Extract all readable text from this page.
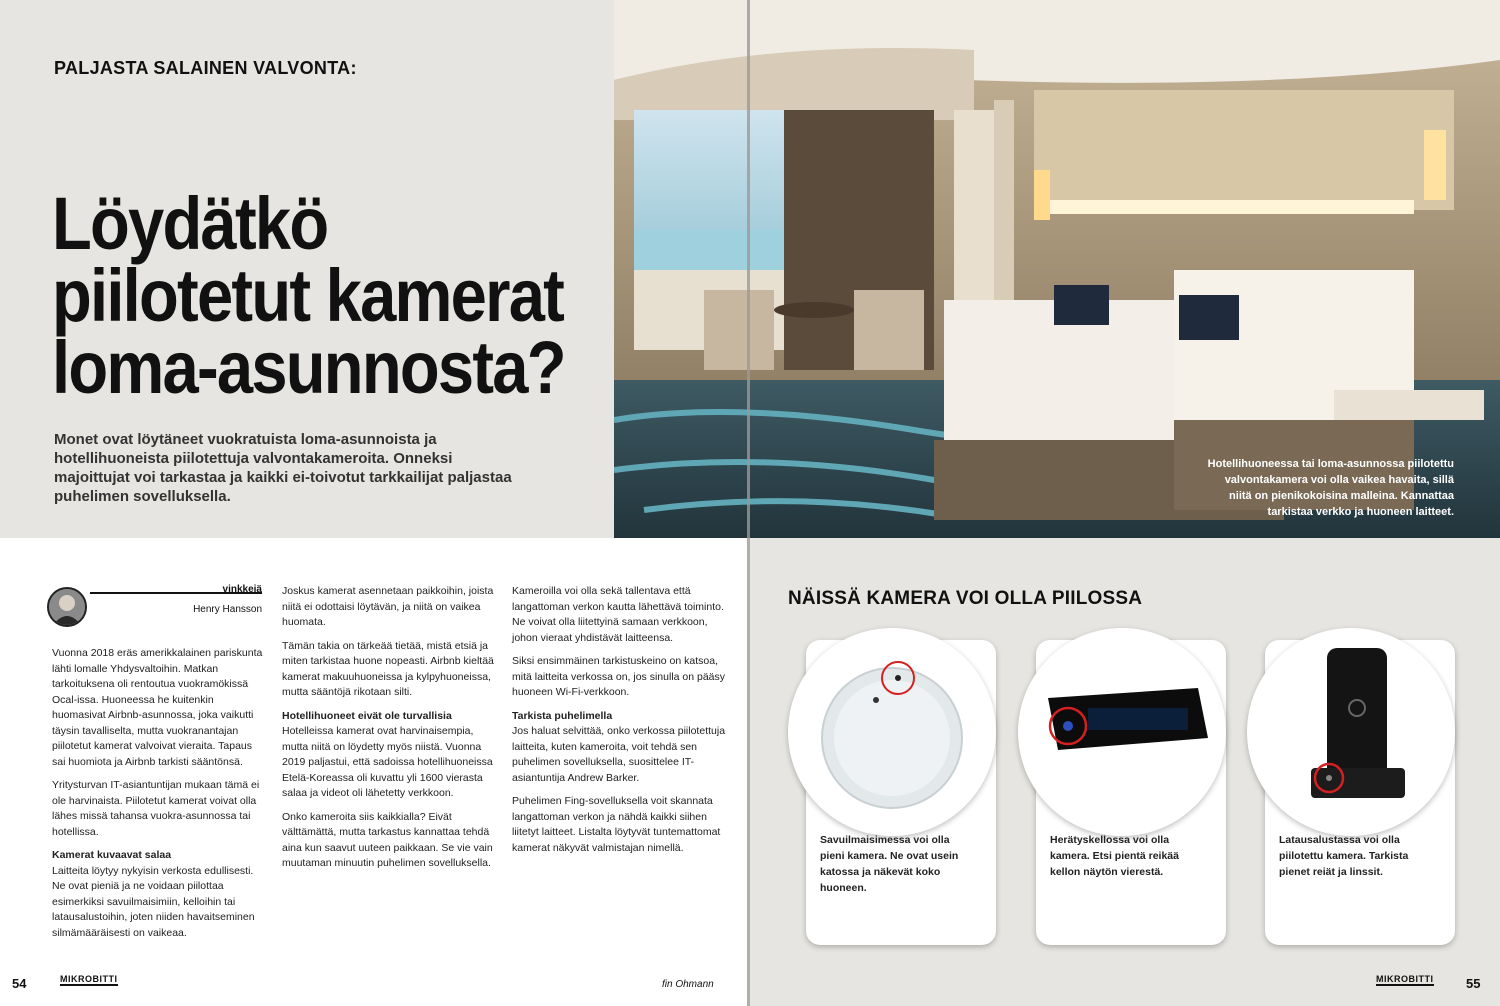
Hotellihuoneessa tai loma-asunnossa piilotettu valvontakamera voi olla vaikea havaita, sillä niitä on pienikokoisina malleina. Kannattaa tarkistaa verkko ja huoneen laitteet.
PALJASTA SALAINEN VALVONTA:
Löydätkö
piilotetut kamerat
loma-asunnosta?
Monet ovat löytäneet vuokratuista loma-asunnoista ja hotellihuoneista piilotettuja valvontakameroita. Onneksi majoittujat voi tarkastaa ja kaikki ei-toivotut tarkkailijat paljastaa puhelimen sovelluksella.
vinkkejä
Henry Hansson

Vuonna 2018 eräs amerikkalainen pariskunta lähti lomalle Yhdysvaltoihin. Matkan tarkoituksena oli rentoutua vuokramökissä Ocal-issa. Huoneessa he kuitenkin huomasivat Airbnb-asunnossa, joka vaikutti täysin tavalliselta, mutta vuokranantajan piilotetut kamerat valvoivat vieraita. Tapaus sai huomiota ja Airbnb tarkisti sääntönsä.

Yritysturvan IT-asiantuntijan mukaan tämä ei ole harvinaista. Piilotetut kamerat voivat olla lähes missä tahansa vuokra-asunnossa tai hotellissa.

Kamerat kuvaavat salaa

Laitteita löytyy nykyisin verkosta edullisesti. Ne ovat pieniä ja ne voidaan piilottaa esimerkiksi savuilmaisimiin, kelloihin tai latausalustoihin, joten niiden havaitseminen silmämääräisesti on vaikeaa.

Joskus kamerat asennetaan paikkoihin, joista niitä ei odottaisi löytävän, ja niitä on vaikea huomata.

Tämän takia on tärkeää tietää, mistä etsiä ja miten tarkistaa huone nopeasti. Airbnb kieltää kamerat makuuhuoneissa ja kylpyhuoneissa, mutta sääntöjä rikotaan silti.

Hotellihuoneet eivät ole turvallisia

Hotelleissa kamerat ovat harvinaisempia, mutta niitä on löydetty myös niistä. Vuonna 2019 paljastui, että sadoissa hotellihuoneissa Etelä-Koreassa oli kuvattu yli 1600 vierasta salaa ja videot oli lähetetty verkkoon.

Onko kameroita siis kaikkialla? Eivät välttämättä, mutta tarkastus kannattaa tehdä aina kun saavut uuteen paikkaan. Se vie vain muutaman minuutin puhelimen sovelluksella.

Kameroilla voi olla sekä tallentava että langattoman verkon kautta lähettävä toiminto. Ne voivat olla liitettyinä samaan verkkoon, johon vieraat yhdistävät laitteensa.

Siksi ensimmäinen tarkistuskeino on katsoa, mitä laitteita verkossa on, jos sinulla on pääsy huoneen Wi-Fi-verkkoon.

Tarkista puhelimella

Jos haluat selvittää, onko verkossa piilotettuja laitteita, kuten kameroita, voit tehdä sen puhelimen sovelluksella, suosittelee IT-asiantuntija Andrew Barker.

Puhelimen Fing-sovelluksella voit skannata langattoman verkon ja nähdä kaikki siihen liitetyt laitteet. Listalta löytyvät tuntemattomat kamerat näkyvät valmistajan nimellä.

NÄISSÄ KAMERA VOI OLLA PIILOSSA
Savuilmaisimessa voi olla pieni kamera. Ne ovat usein katossa ja näkevät koko huoneen.
Herätyskellossa voi olla kamera. Etsi pientä reikää kellon näytön vierestä.
Latausalustassa voi olla piilotettu kamera. Tarkista pienet reiät ja linssit.
54	MIKROBITTI	fin Ohmann	MIKROBITTI	55
